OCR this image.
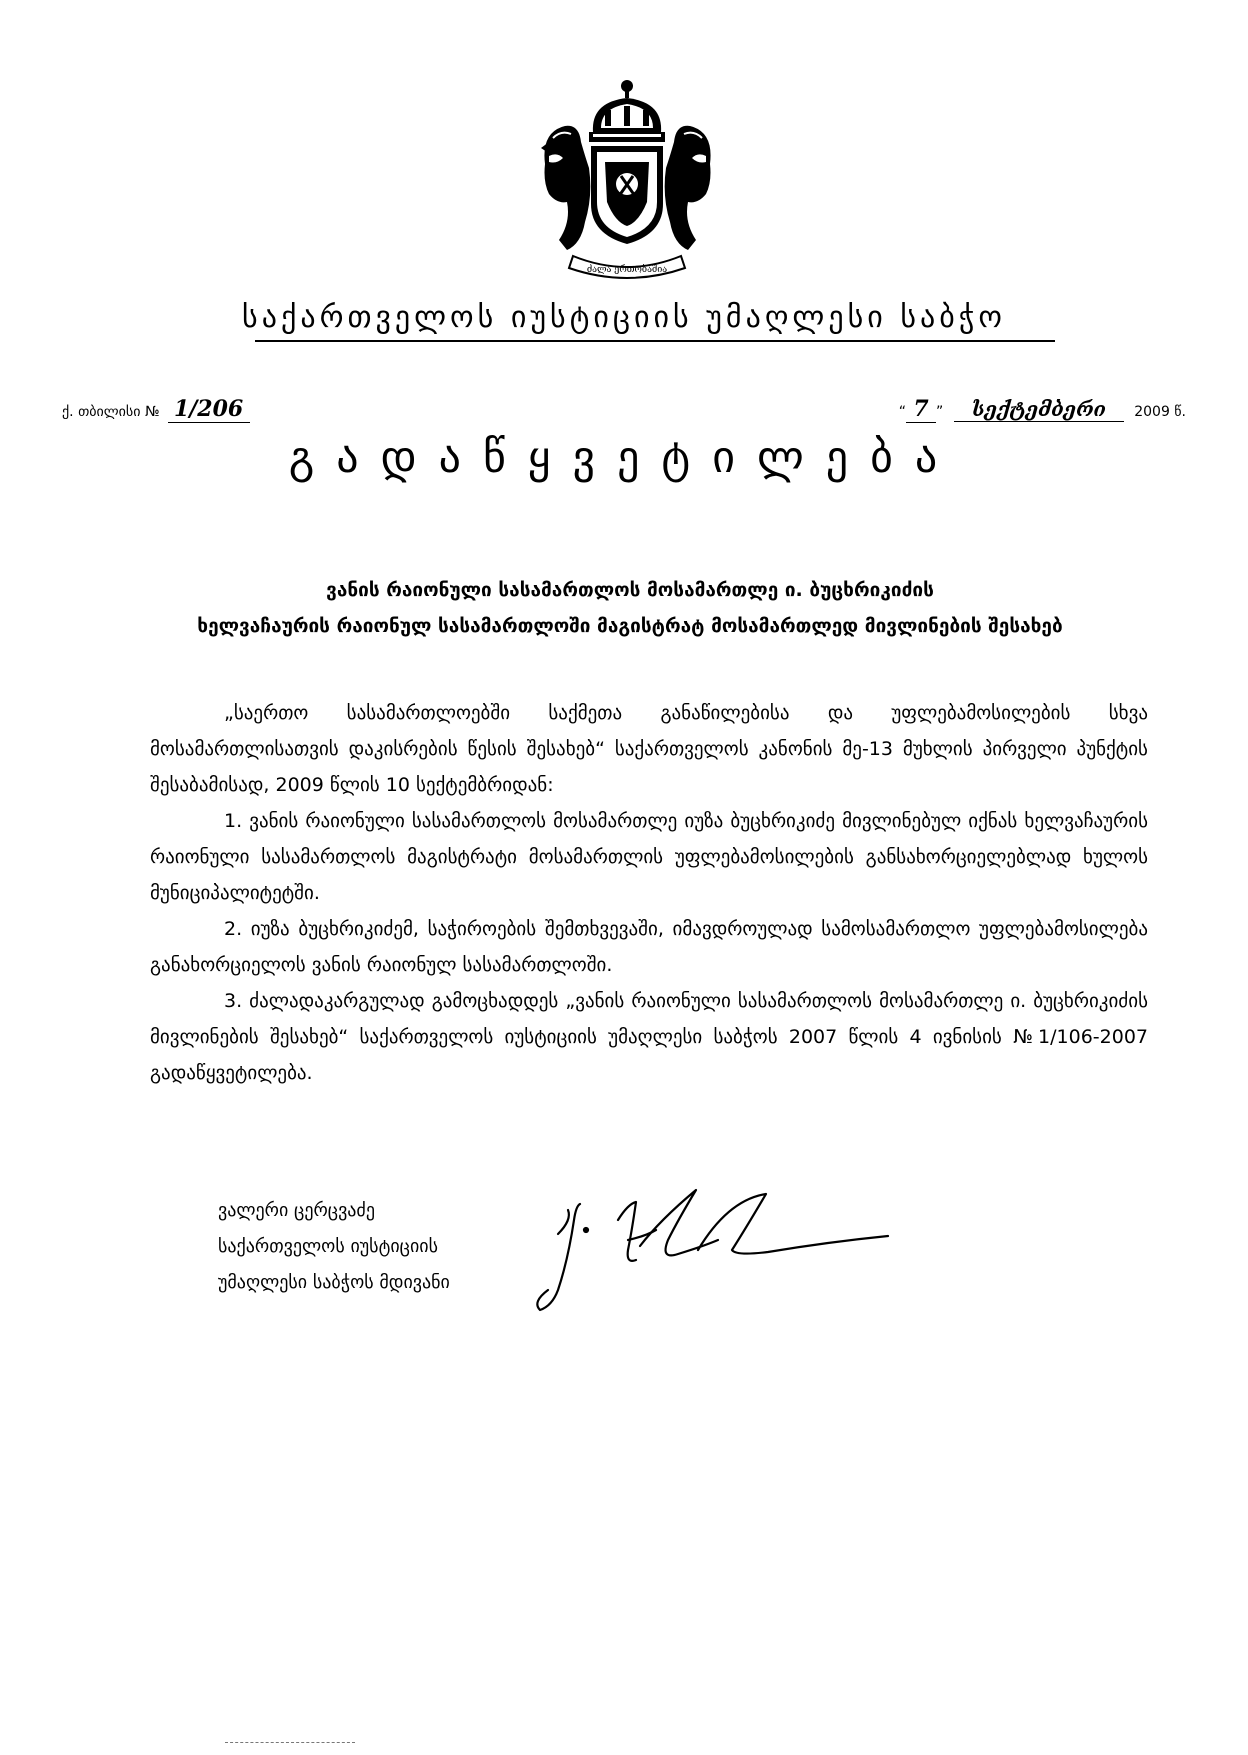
ძალა ერთობაშია
საქართველოს იუსტიციის უმაღლესი საბჭო
ქ. თბილისი № 1/206	“ 7 ” სექტემბერი 2009 წ.
გადაწყვეტილება
ვანის რაიონული სასამართლოს მოსამართლე ი. ბუცხრიკიძის
ხელვაჩაურის რაიონულ სასამართლოში მაგისტრატ მოსამართლედ მივლინების შესახებ

„საერთო სასამართლოებში საქმეთა განაწილებისა და უფლებამოსილების სხვა მოსამართლისათვის დაკისრების წესის შესახებ“ საქართველოს კანონის მე-13 მუხლის პირველი პუნქტის შესაბამისად, 2009 წლის 10 სექტემბრიდან:

1. ვანის რაიონული სასამართლოს მოსამართლე იუზა ბუცხრიკიძე მივლინებულ იქნას ხელვაჩაურის რაიონული სასამართლოს მაგისტრატი მოსამართლის უფლებამოსილების განსახორციელებლად ხულოს მუნიციპალიტეტში.

2. იუზა ბუცხრიკიძემ, საჭიროების შემთხვევაში, იმავდროულად სამოსამართლო უფლებამოსილება განახორციელოს ვანის რაიონულ სასამართლოში.

3. ძალადაკარგულად გამოცხადდეს „ვანის რაიონული სასამართლოს მოსამართლე ი. ბუცხრიკიძის მივლინების შესახებ“ საქართველოს იუსტიციის უმაღლესი საბჭოს 2007 წლის 4 ივნისის №1/106-2007 გადაწყვეტილება.

ვალერი ცერცვაძე
საქართველოს იუსტიციის
უმაღლესი საბჭოს მდივანი
